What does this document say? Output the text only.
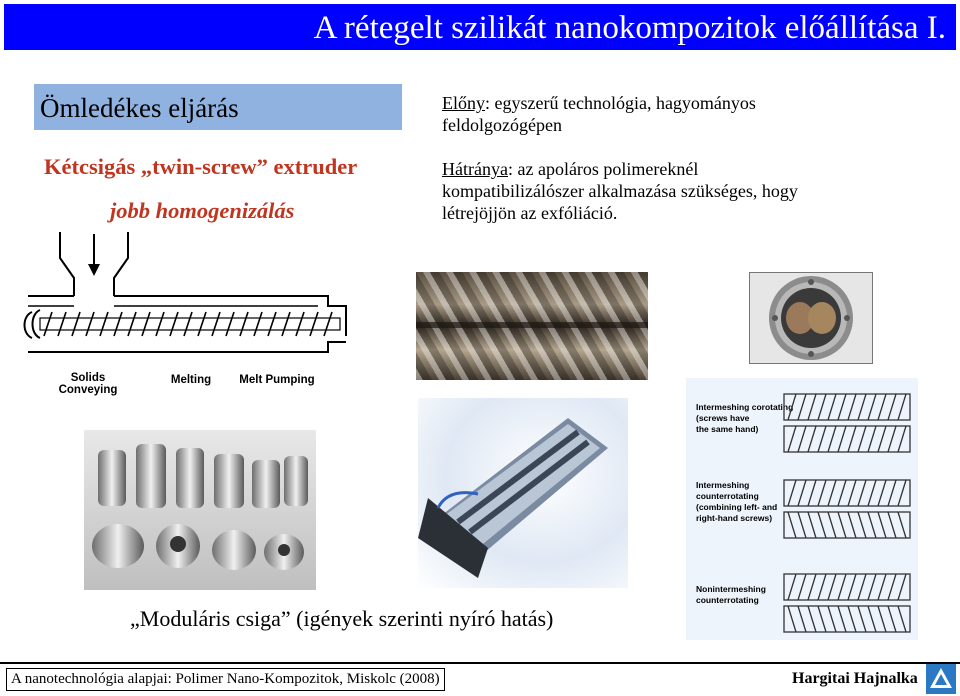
A rétegelt szilikát nanokompozitok előállítása I.
Ömledékes eljárás
Kétcsigás „twin-screw” extruder
jobb homogenizálás
Előny: egyszerű technológia, hagyományos
feldolgozógépen
Hátránya: az apoláros polimereknél
kompatibilizálószer alkalmazása szükséges, hogy
létrejöjjön az exfóliáció.
Solids
Conveying
Melting	Melt Pumping
Intermeshing corotating
(screws have
the same hand)
Intermeshing
counterrotating
(combining left- and
right-hand screws)
Nonintermeshing
counterrotating
„Moduláris csiga” (igények szerinti nyíró hatás)
A nanotechnológia alapjai: Polimer Nano-Kompozitok, Miskolc (2008)	Hargitai Hajnalka
